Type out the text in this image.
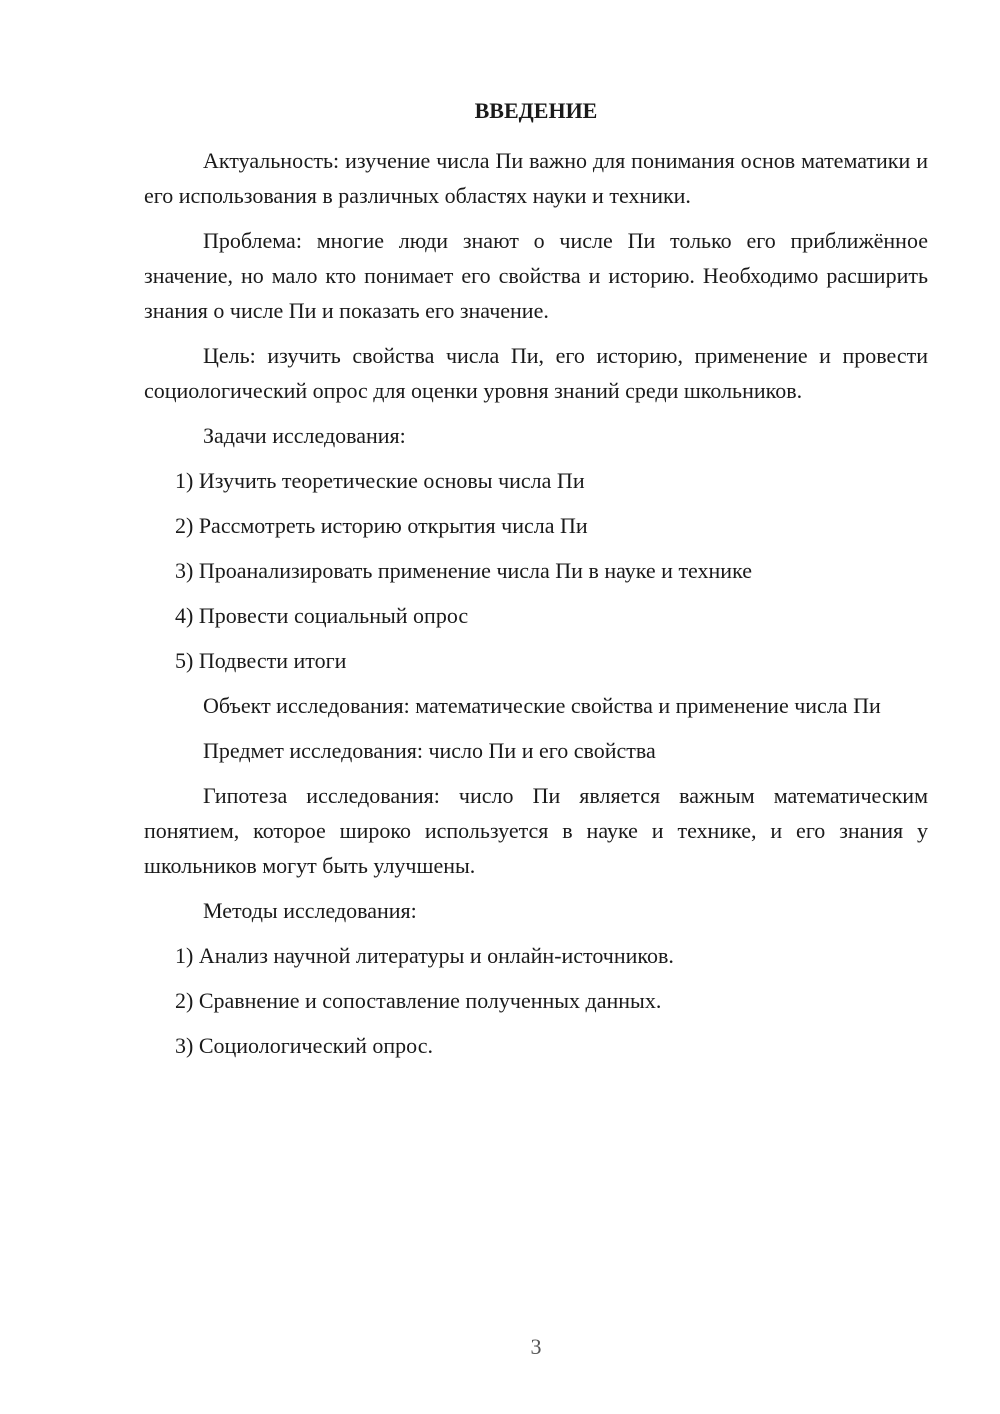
ВВЕДЕНИЕ

Актуальность: изучение числа Пи важно для понимания основ математики и его использования в различных областях науки и техники.

Проблема: многие люди знают о числе Пи только его приближённое значение, но мало кто понимает его свойства и историю. Необходимо расширить знания о числе Пи и показать его значение.

Цель: изучить свойства числа Пи, его историю, применение и провести социологический опрос для оценки уровня знаний среди школьников.

Задачи исследования:

1) Изучить теоретические основы числа Пи

2) Рассмотреть историю открытия числа Пи

3) Проанализировать применение числа Пи в науке и технике

4) Провести социальный опрос

5) Подвести итоги

Объект исследования: математические свойства и применение числа Пи

Предмет исследования: число Пи и его свойства

Гипотеза исследования: число Пи является важным математическим понятием, которое широко используется в науке и технике, и его знания у школьников могут быть улучшены.

Методы исследования:

1) Анализ научной литературы и онлайн-источников.

2) Сравнение и сопоставление полученных данных.

3) Социологический опрос.

3
